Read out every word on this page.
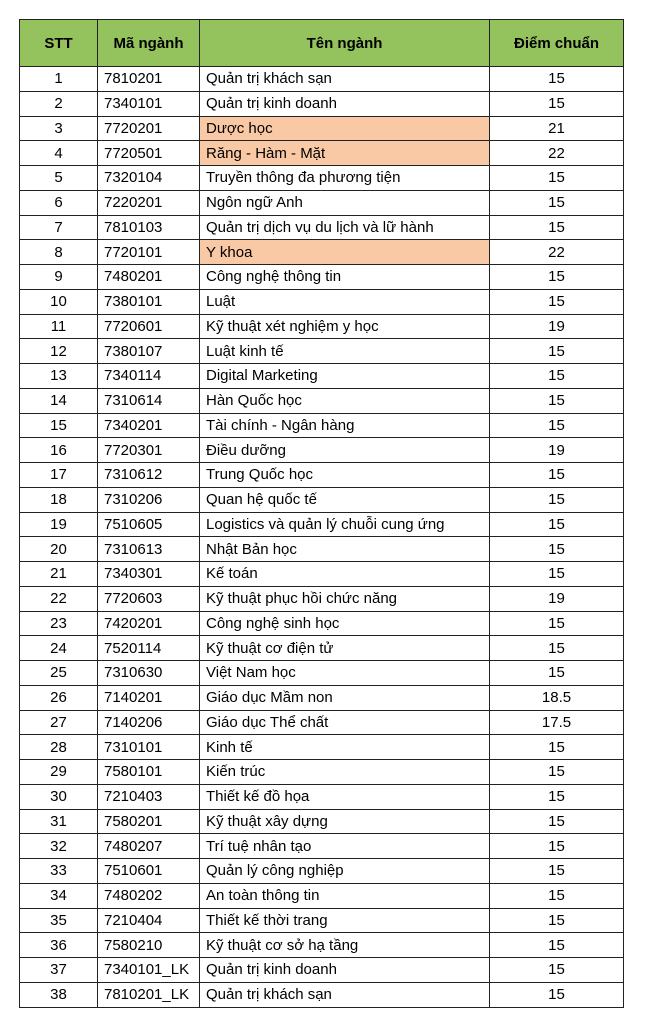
STT	Mã ngành	Tên ngành	Điểm chuẩn
1	7810201	Quản trị khách sạn	15
2	7340101	Quản trị kinh doanh	15
3	7720201	Dược học	21
4	7720501	Răng - Hàm - Mặt	22
5	7320104	Truyền thông đa phương tiện	15
6	7220201	Ngôn ngữ Anh	15
7	7810103	Quản trị dịch vụ du lịch và lữ hành	15
8	7720101	Y khoa	22
9	7480201	Công nghệ thông tin	15
10	7380101	Luật	15
11	7720601	Kỹ thuật xét nghiệm y học	19
12	7380107	Luật kinh tế	15
13	7340114	Digital Marketing	15
14	7310614	Hàn Quốc học	15
15	7340201	Tài chính - Ngân hàng	15
16	7720301	Điều dưỡng	19
17	7310612	Trung Quốc học	15
18	7310206	Quan hệ quốc tế	15
19	7510605	Logistics và quản lý chuỗi cung ứng	15
20	7310613	Nhật Bản học	15
21	7340301	Kế toán	15
22	7720603	Kỹ thuật phục hồi chức năng	19
23	7420201	Công nghệ sinh học	15
24	7520114	Kỹ thuật cơ điện tử	15
25	7310630	Việt Nam học	15
26	7140201	Giáo dục Mầm non	18.5
27	7140206	Giáo dục Thể chất	17.5
28	7310101	Kinh tế	15
29	7580101	Kiến trúc	15
30	7210403	Thiết kế đồ họa	15
31	7580201	Kỹ thuật xây dựng	15
32	7480207	Trí tuệ nhân tạo	15
33	7510601	Quản lý công nghiệp	15
34	7480202	An toàn thông tin	15
35	7210404	Thiết kế thời trang	15
36	7580210	Kỹ thuật cơ sở hạ tầng	15
37	7340101_LK	Quản trị kinh doanh	15
38	7810201_LK	Quản trị khách sạn	15
